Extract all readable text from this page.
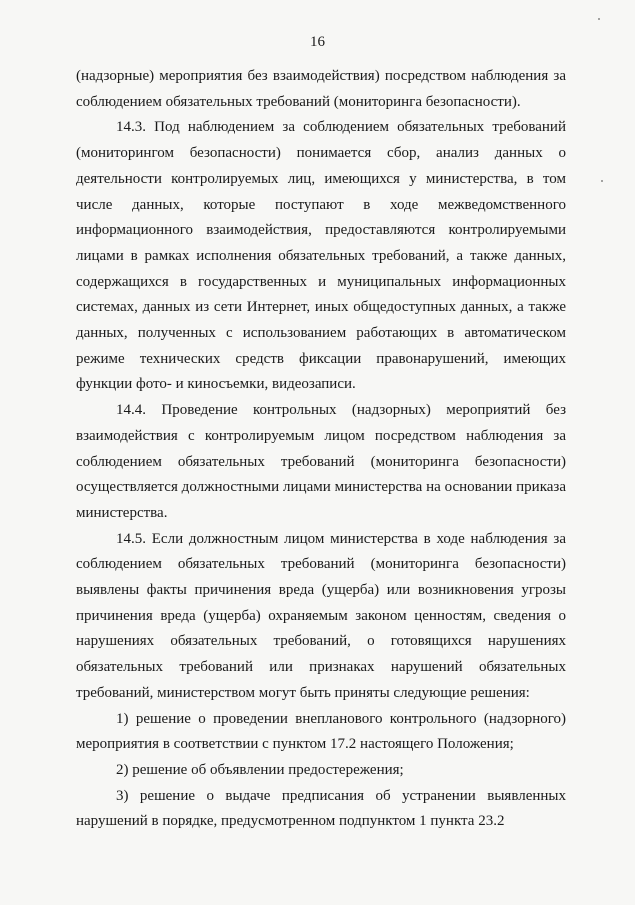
16

(надзорные) мероприятия без взаимодействия) посредством наблюдения за соблюдением обязательных требований (мониторинга безопасности).

14.3. Под наблюдением за соблюдением обязательных требований (мониторингом безопасности) понимается сбор, анализ данных о деятельности контролируемых лиц, имеющихся у министерства, в том числе данных, которые поступают в ходе межведомственного информационного взаимодействия, предоставляются контролируемыми лицами в рамках исполнения обязательных требований, а также данных, содержащихся в государственных и муниципальных информационных системах, данных из сети Интернет, иных общедоступных данных, а также данных, полученных с использованием работающих в автоматическом режиме технических средств фиксации правонарушений, имеющих функции фото- и киносъемки, видеозаписи.

14.4. Проведение контрольных (надзорных) мероприятий без взаимодействия с контролируемым лицом посредством наблюдения за соблюдением обязательных требований (мониторинга безопасности) осуществляется должностными лицами министерства на основании приказа министерства.

14.5. Если должностным лицом министерства в ходе наблюдения за соблюдением обязательных требований (мониторинга безопасности) выявлены факты причинения вреда (ущерба) или возникновения угрозы причинения вреда (ущерба) охраняемым законом ценностям, сведения о нарушениях обязательных требований, о готовящихся нарушениях обязательных требований или признаках нарушений обязательных требований, министерством могут быть приняты следующие решения:

1) решение о проведении внепланового контрольного (надзорного) мероприятия в соответствии с пунктом 17.2 настоящего Положения;

2) решение об объявлении предостережения;

3) решение о выдаче предписания об устранении выявленных нарушений в порядке, предусмотренном подпунктом 1 пункта 23.2
